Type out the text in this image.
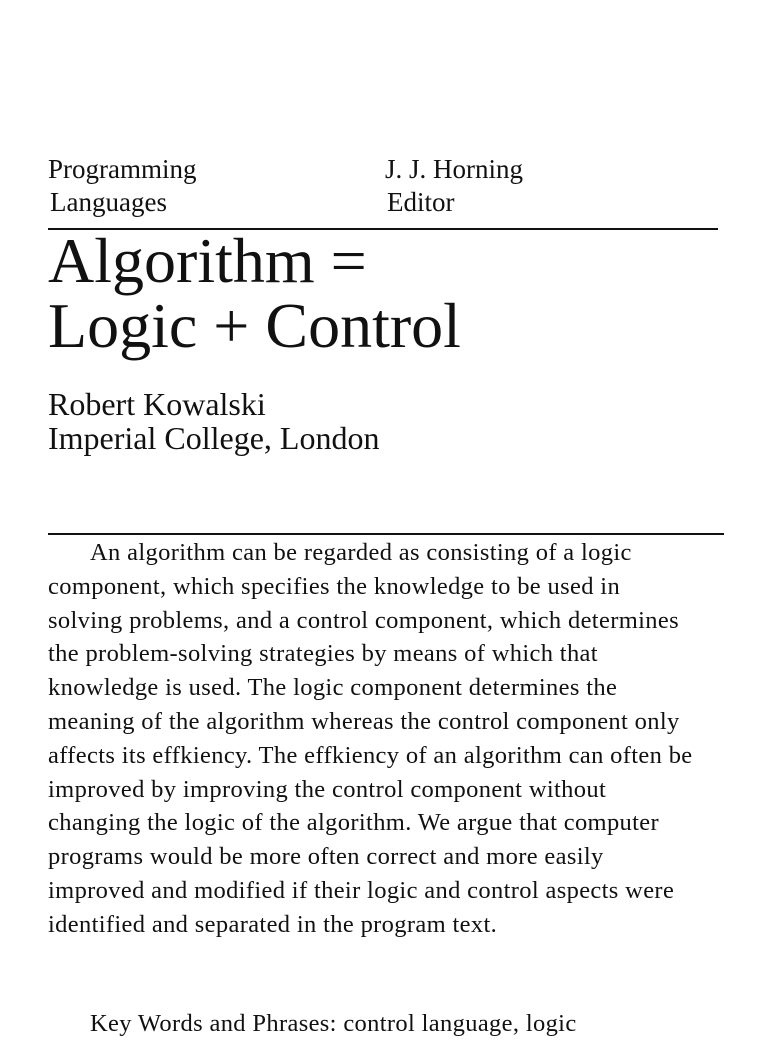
Programming
Languages
J. J. Horning
Editor
Algorithm =
Logic + Control
Robert Kowalski
Imperial College, London

An algorithm can be regarded as consisting of a logic component, which specifies the knowledge to be used in solving problems, and a control component, which determines the problem-solving strategies by means of which that knowledge is used. The logic component determines the meaning of the algorithm whereas the control component only affects its effkiency. The effkiency of an algorithm can often be improved by improving the control component without changing the logic of the algorithm. We argue that computer programs would be more often correct and more easily improved and modified if their logic and control aspects were identified and separated in the program text.

Key Words and Phrases: control language, logic
